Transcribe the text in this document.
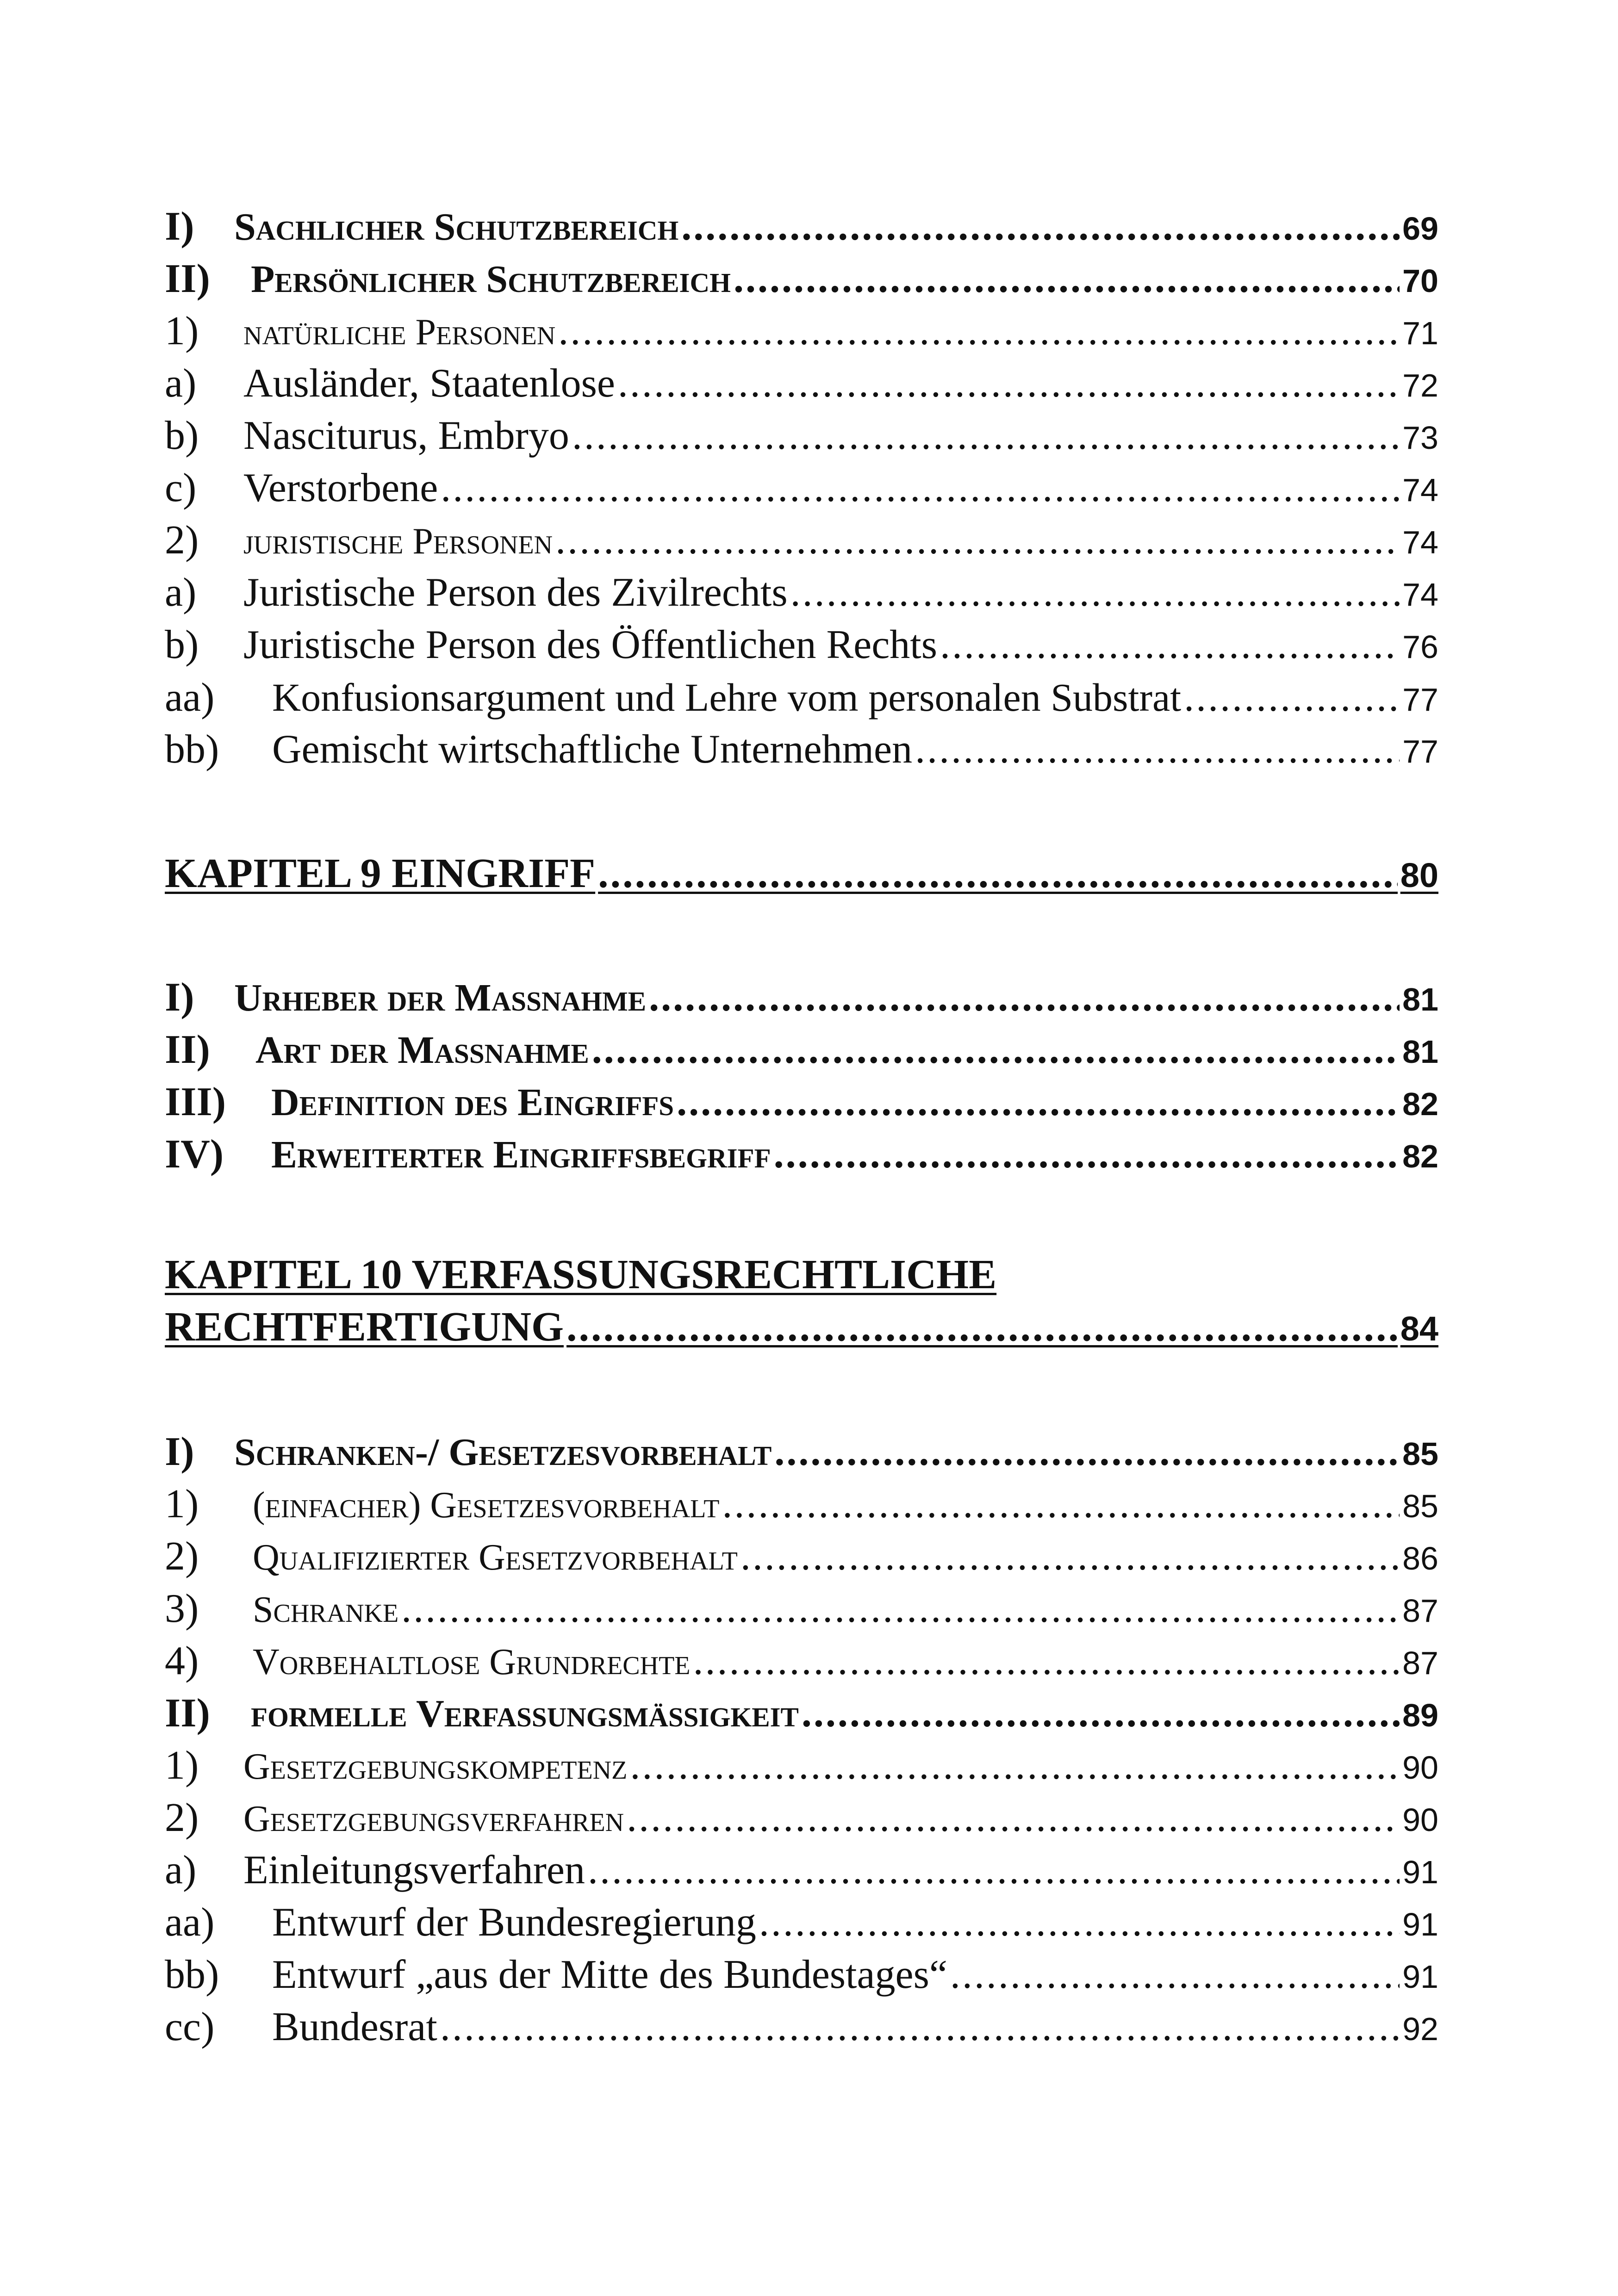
I)	Sachlicher Schutzbereich .....	69
II)	Persönlicher Schutzbereich .....	70
1)	natürliche Personen .....	71
a)	Ausländer, Staatenlose .....	72
b)	Nasciturus, Embryo .....	73
c)	Verstorbene .....	74
2)	juristische Personen .....	74
a)	Juristische Person des Zivilrechts .....	74
b)	Juristische Person des Öffentlichen Rechts .....	76
aa)	Konfusionsargument und Lehre vom personalen Substrat .....	77
bb)	Gemischt wirtschaftliche Unternehmen .....	77
KAPITEL 9 EINGRIFF .....	80
I)	Urheber der Maßnahme .....	81
II)	Art der Maßnahme .....	81
III)	Definition des Eingriffs .....	82
IV)	Erweiterter Eingriffsbegriff .....	82
KAPITEL 10 VERFASSUNGSRECHTLICHE
RECHTFERTIGUNG .....	84
I)	Schranken-/ Gesetzesvorbehalt .....	85
1)	(einfacher) Gesetzesvorbehalt .....	85
2)	Qualifizierter Gesetzvorbehalt .....	86
3)	Schranke .....	87
4)	Vorbehaltlose Grundrechte .....	87
II)	formelle Verfassungsmäßigkeit .....	89
1)	Gesetzgebungskompetenz .....	90
2)	Gesetzgebungsverfahren .....	90
a)	Einleitungsverfahren .....	91
aa)	Entwurf der Bundesregierung .....	91
bb)	Entwurf „aus der Mitte des Bundestages“ .....	91
cc)	Bundesrat .....	92
